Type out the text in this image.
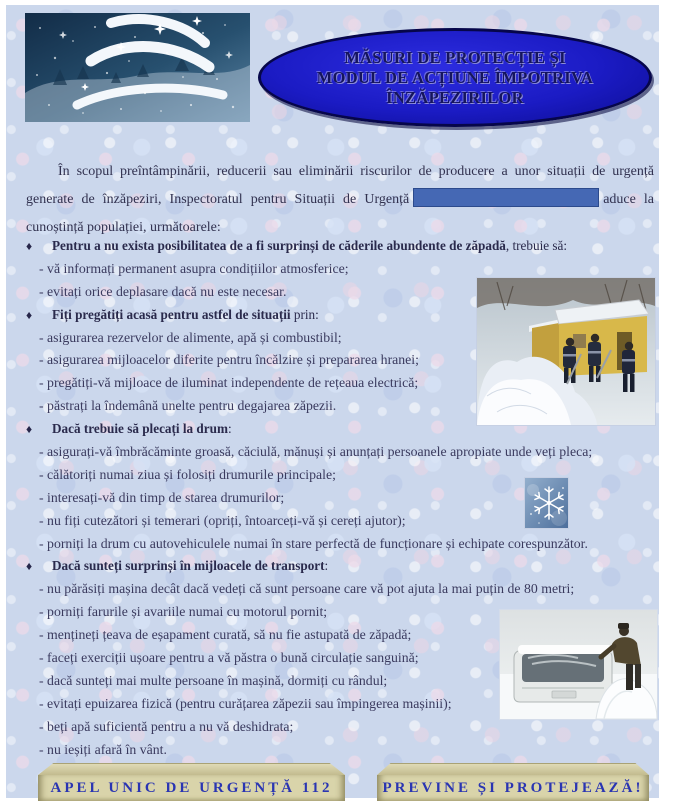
MĂSURI DE PROTECȚIE ȘI
MODUL DE ACȚIUNE ÎMPOTRIVA
ÎNZĂPEZIRILOR

În scopul preîntâmpinării, reducerii sau eliminării riscurilor de producere a unor situații de urgență generate de înzăpeziri, Inspectoratul pentru Situații de Urgență	aduce la cunoștință populației, următoarele:

♦ Pentru a nu exista posibilitatea de a fi surprinși de căderile abundente de zăpadă, trebuie să:
- vă informați permanent asupra condițiilor atmosferice;
- evitați orice deplasare dacă nu este necesar.
♦ Fiți pregătiți acasă pentru astfel de situații prin:
- asigurarea rezervelor de alimente, apă și combustibil;
- asigurarea mijloacelor diferite pentru încălzire și prepararea hranei;
- pregătiți-vă mijloace de iluminat independente de rețeaua electrică;
- păstrați la îndemână unelte pentru degajarea zăpezii.
♦ Dacă trebuie să plecați la drum:
- asigurați-vă îmbrăcăminte groasă, căciulă, mănuși și anunțați persoanele apropiate unde veți pleca;
- călătoriți numai ziua și folosiți drumurile principale;
- interesați-vă din timp de starea drumurilor;
- nu fiți cutezători și temerari (opriți, întoarceți-vă și cereți ajutor);
- porniți la drum cu autovehiculele numai în stare perfectă de funcționare și echipate corespunzător.
♦ Dacă sunteți surprinși în mijloacele de transport:
- nu părăsiți mașina decât dacă vedeți că sunt persoane care vă pot ajuta la mai puțin de 80 metri;
- porniți farurile și avariile numai cu motorul pornit;
- mențineți țeava de eșapament curată, să nu fie astupată de zăpadă;
- faceți exerciții ușoare pentru a vă păstra o bună circulație sanguină;
- dacă sunteți mai multe persoane în mașină, dormiți cu rândul;
- evitați epuizarea fizică (pentru curățarea zăpezii sau împingerea mașinii);
- beți apă suficientă pentru a nu vă deshidrata;
- nu ieșiți afară în vânt.
APEL UNIC DE URGENȚĂ 112	PREVINE ȘI PROTEJEAZĂ!
